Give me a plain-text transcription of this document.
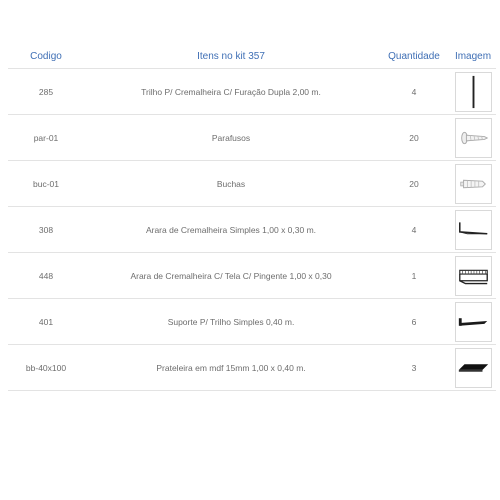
Codigo	Itens no kit 357	Quantidade	Imagem
285	Trilho P/ Cremalheira C/ Furação Dupla 2,00 m.	4	

par-01	Parafusos	20	

buc-01	Buchas	20	

308	Arara de Cremalheira Simples 1,00 x 0,30 m.	4	

448	Arara de Cremalheira C/ Tela C/ Pingente 1,00 x 0,30	1	

401	Suporte P/ Trilho Simples 0,40 m.	6	

bb-40x100	Prateleira em mdf 15mm 1,00 x 0,40 m.	3	
